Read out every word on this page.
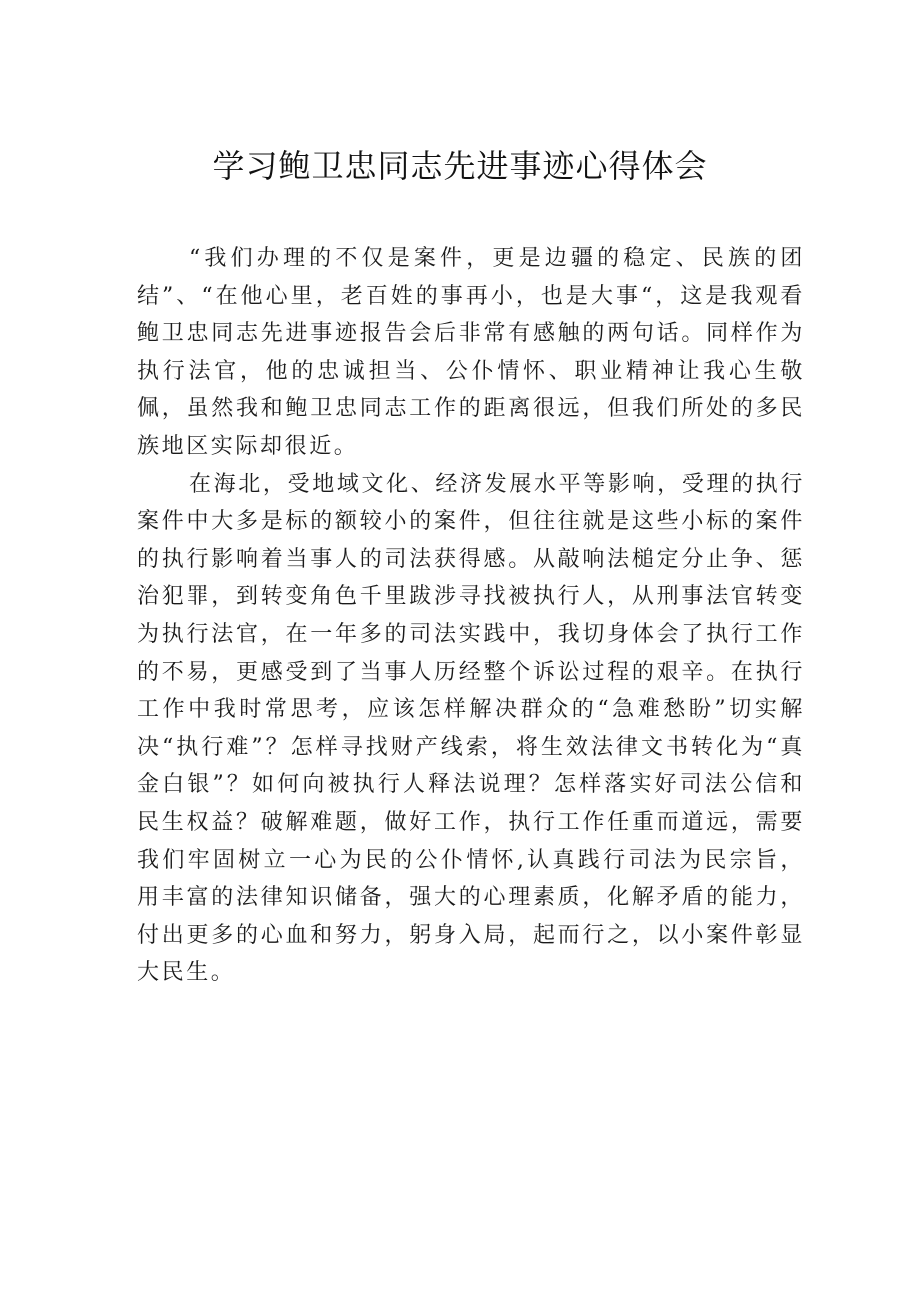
学习鲍卫忠同志先进事迹心得体会

“我们办理的不仅是案件，更是边疆的稳定、民族的团结”、“在他心里，老百姓的事再小，也是大事“，这是我观看鲍卫忠同志先进事迹报告会后非常有感触的两句话。同样作为执行法官，他的忠诚担当、公仆情怀、职业精神让我心生敬佩，虽然我和鲍卫忠同志工作的距离很远，但我们所处的多民族地区实际却很近。

在海北，受地域文化、经济发展水平等影响，受理的执行案件中大多是标的额较小的案件，但往往就是这些小标的案件的执行影响着当事人的司法获得感。从敲响法槌定分止争、惩治犯罪，到转变角色千里跋涉寻找被执行人，从刑事法官转变为执行法官，在一年多的司法实践中，我切身体会了执行工作的不易，更感受到了当事人历经整个诉讼过程的艰辛。在执行工作中我时常思考，应该怎样解决群众的“急难愁盼”切实解决“执行难”？怎样寻找财产线索，将生效法律文书转化为“真金白银”？如何向被执行人释法说理？怎样落实好司法公信和民生权益？破解难题，做好工作，执行工作任重而道远，需要我们牢固树立一心为民的公仆情怀,认真践行司法为民宗旨，用丰富的法律知识储备，强大的心理素质，化解矛盾的能力，付出更多的心血和努力，躬身入局，起而行之，以小案件彰显大民生。
